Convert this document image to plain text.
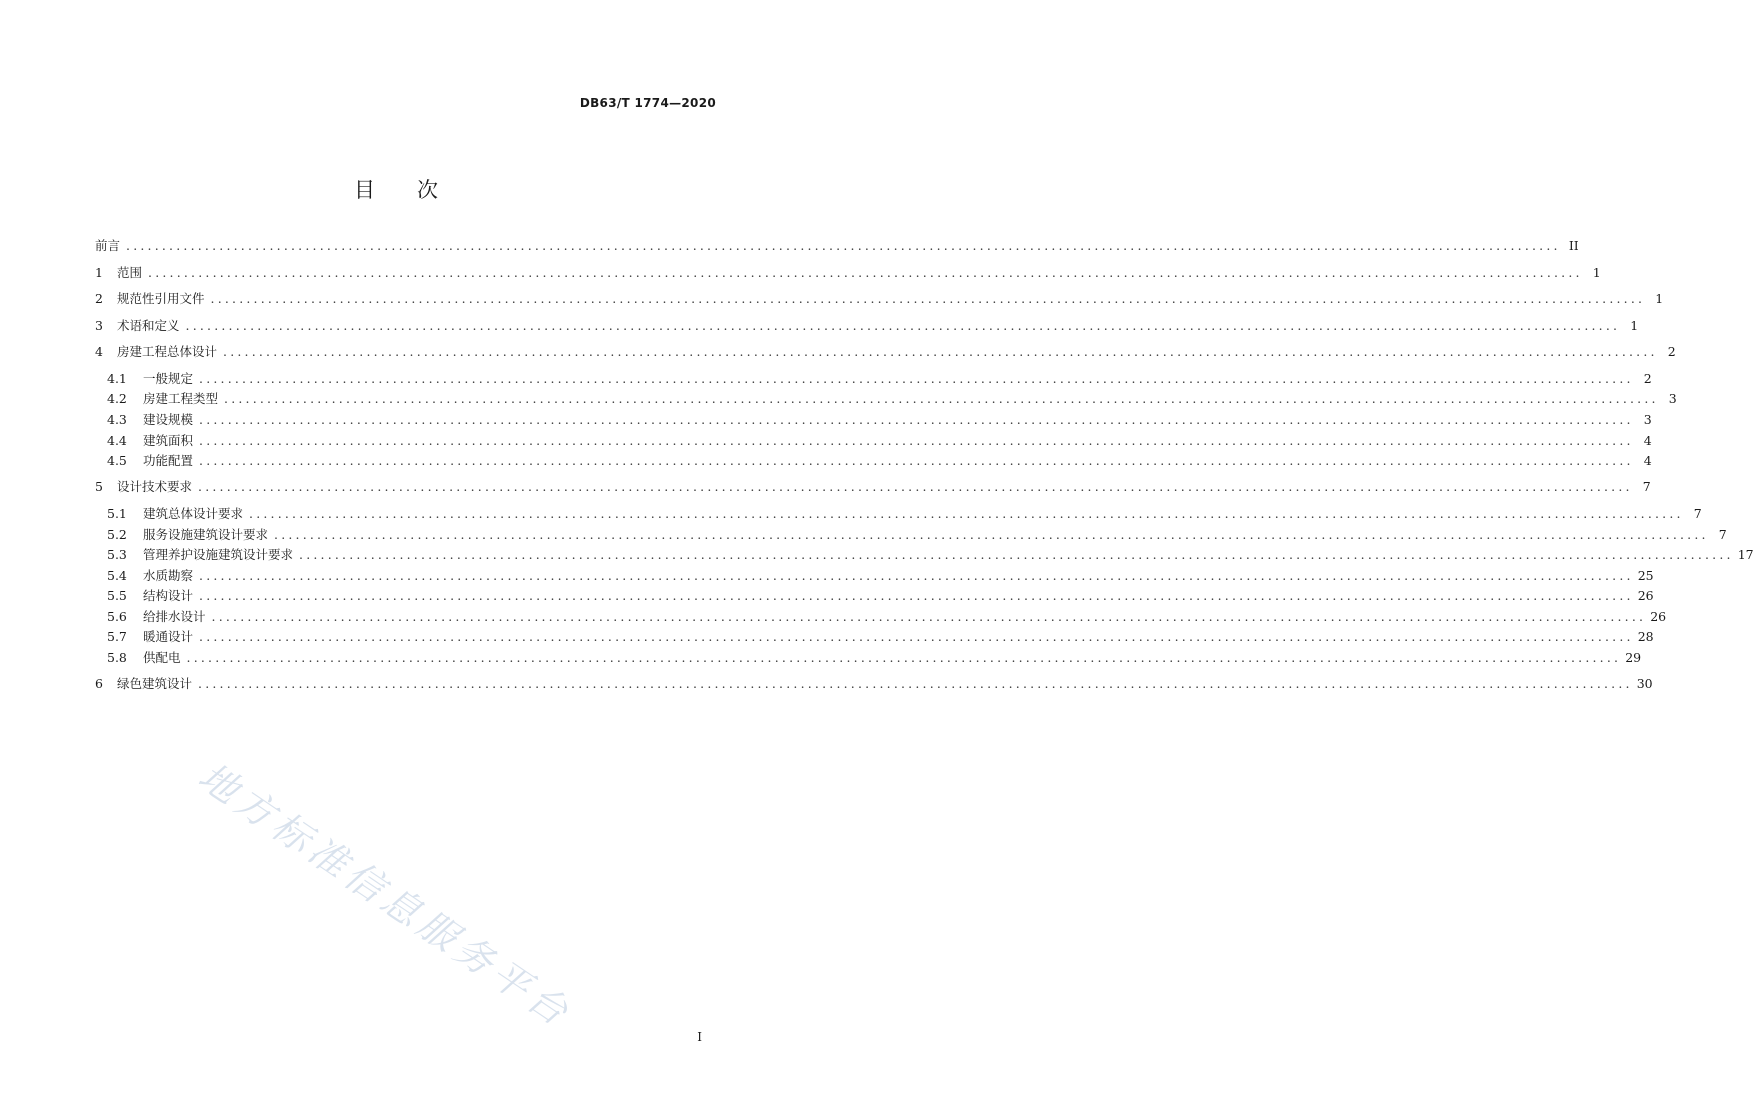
DB63/T 1774—2020
目次
前言 ........................................................................................................................................................................................................ II
1	范围 ........................................................................................................................................................................................................ 1
2	规范性引用文件 ........................................................................................................................................................................................................ 1
3	术语和定义 ........................................................................................................................................................................................................ 1
4	房建工程总体设计 ........................................................................................................................................................................................................ 2
4.1	一般规定 ........................................................................................................................................................................................................ 2
4.2	房建工程类型 ........................................................................................................................................................................................................ 3
4.3	建设规模 ........................................................................................................................................................................................................ 3
4.4	建筑面积 ........................................................................................................................................................................................................ 4
4.5	功能配置 ........................................................................................................................................................................................................ 4
5	设计技术要求 ........................................................................................................................................................................................................ 7
5.1	建筑总体设计要求 ........................................................................................................................................................................................................ 7
5.2	服务设施建筑设计要求 ........................................................................................................................................................................................................ 7
5.3	管理养护设施建筑设计要求 ........................................................................................................................................................................................................ 17
5.4	水质勘察 ........................................................................................................................................................................................................ 25
5.5	结构设计 ........................................................................................................................................................................................................ 26
5.6	给排水设计 ........................................................................................................................................................................................................ 26
5.7	暖通设计 ........................................................................................................................................................................................................ 28
5.8	供配电 ........................................................................................................................................................................................................ 29
6	绿色建筑设计 ........................................................................................................................................................................................................ 30
I
地方标准信息服务平台
